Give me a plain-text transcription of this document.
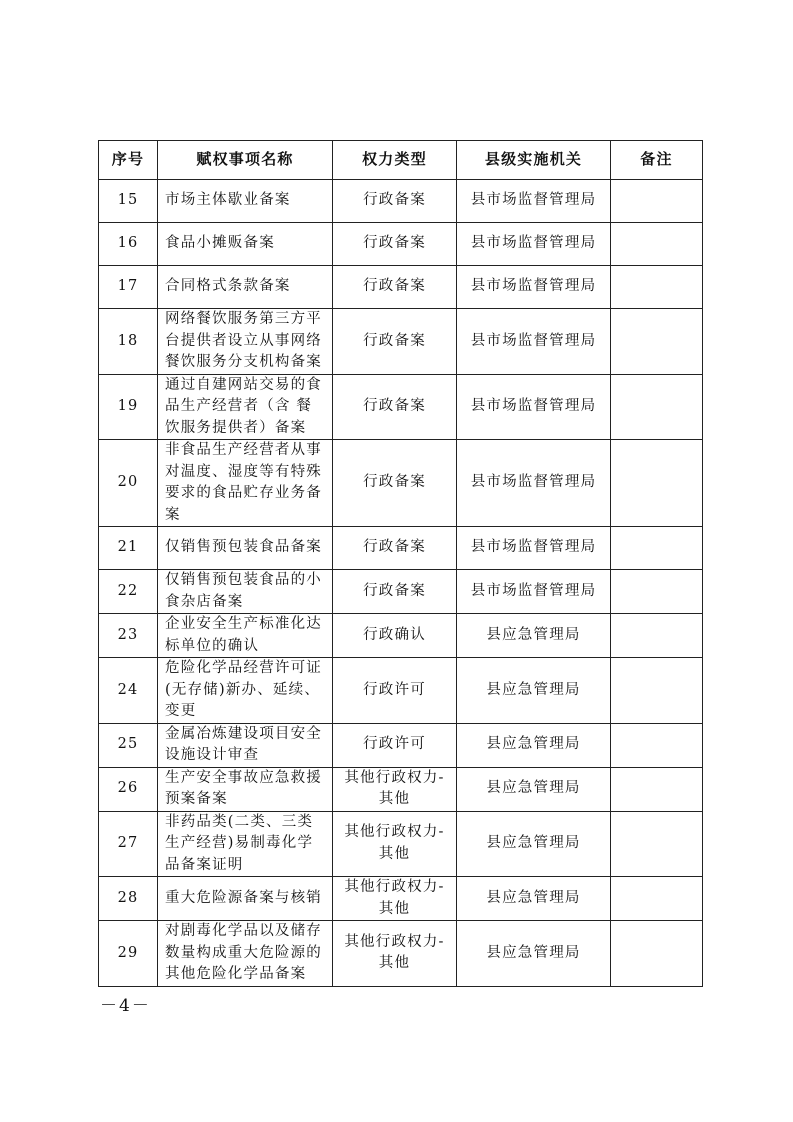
序号	赋权事项名称	权力类型	县级实施机关	备注
15	市场主体歇业备案	行政备案	县市场监督管理局	
16	食品小摊贩备案	行政备案	县市场监督管理局	
17	合同格式条款备案	行政备案	县市场监督管理局	
18	网络餐饮服务第三方平台提供者设立从事网络餐饮服务分支机构备案	行政备案	县市场监督管理局	
19	通过自建网站交易的食品生产经营者（含 餐饮服务提供者）备案	行政备案	县市场监督管理局	
20	非食品生产经营者从事对温度、湿度等有特殊要求的食品贮存业务备案	行政备案	县市场监督管理局	
21	仅销售预包装食品备案	行政备案	县市场监督管理局	
22	仅销售预包装食品的小食杂店备案	行政备案	县市场监督管理局	
23	企业安全生产标准化达标单位的确认	行政确认	县应急管理局	
24	危险化学品经营许可证(无存储)新办、延续、变更	行政许可	县应急管理局	
25	金属冶炼建设项目安全设施设计审查	行政许可	县应急管理局	
26	生产安全事故应急救援预案备案	其他行政权力-其他	县应急管理局	
27	非药品类(二类、三类生产经营)易制毒化学品备案证明	其他行政权力-其他	县应急管理局	
28	重大危险源备案与核销	其他行政权力-其他	县应急管理局	
29	对剧毒化学品以及储存数量构成重大危险源的其他危险化学品备案	其他行政权力-其他	县应急管理局	
－4－
